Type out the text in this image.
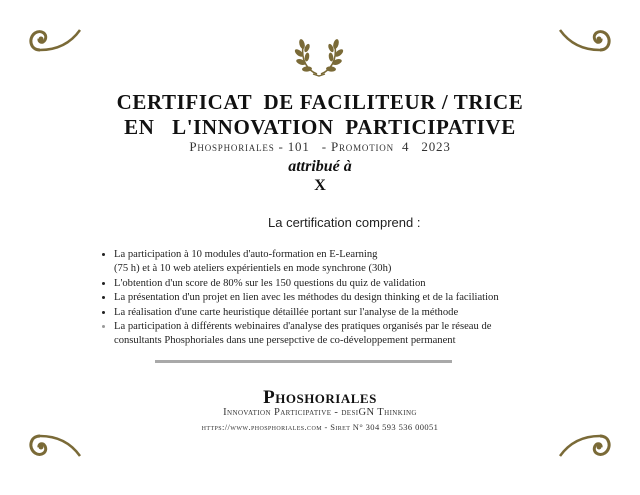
CERTIFICAT  DE FACILITEUR / TRICE
EN   L'INNOVATION  PARTICIPATIVE
Phosphoriales - 101   - Promotion  4   2023
attribué à
X
La certification comprend :
• La participation à 10 modules d'auto-formation en E-Learning
(75 h) et à 10 web ateliers expérientiels en mode synchrone (30h)
• L'obtention d'un score de 80% sur les 150 questions du quiz de validation
• La présentation d'un projet en lien avec les méthodes du design thinking et de la faciliation
• La réalisation d'une carte heuristique détaillée portant sur l'analyse de la méthode
• La participation à différents webinaires d'analyse des pratiques organisés par le réseau de
consultants Phosphoriales dans une persepctive de co-développement permanent
Phoshoriales
Innovation Participative - desiGN Thinking
https://www.phosphoriales.com - Siret N° 304 593 536 00051
